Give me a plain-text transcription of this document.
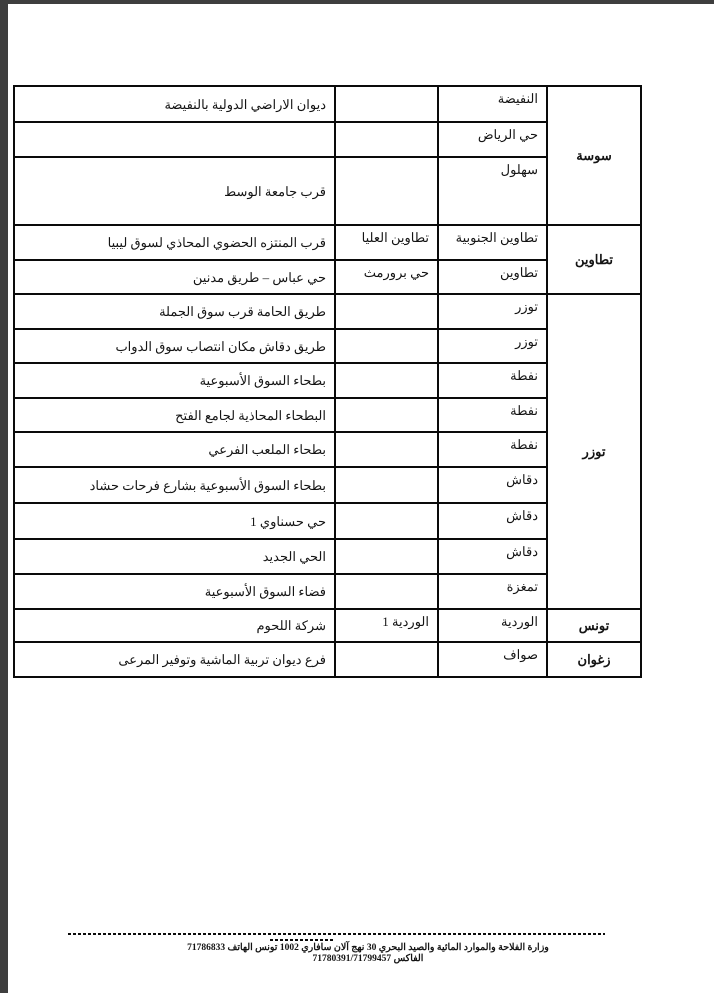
سوسة	النفيضة		ديوان الاراضي الدولية بالنفيضة
	حي الرياض		
	سهلول		قرب جامعة الوسط
تطاوين	تطاوين الجنوبية	تطاوين العليا	قرب المنتزه الحضوي المحاذي لسوق ليبيا
	تطاوين	حي برورمث	حي عباس – طريق مدنين
توزر	توزر		طريق الحامة قرب سوق الجملة
	توزر		طريق دقاش مكان انتصاب سوق الدواب
	نفطة		بطحاء السوق الأسبوعية
	نفطة		البطحاء المحاذية لجامع الفتح
	نفطة		بطحاء الملعب الفرعي
	دقاش		بطحاء السوق الأسبوعية بشارع فرحات حشاد
	دقاش		حي حسناوي 1
	دقاش		الحي الجديد
	تمغزة		فضاء السوق الأسبوعية
تونس	الوردية	الوردية 1	شركة اللحوم
زغوان	صواف		فرع ديوان تربية الماشية وتوفير المرعى
وزارة الفلاحة والموارد المائية والصيد البحري 30 نهج آلان سافاري 1002 تونس الهاتف 71786833
الفاكس 71780391/71799457
